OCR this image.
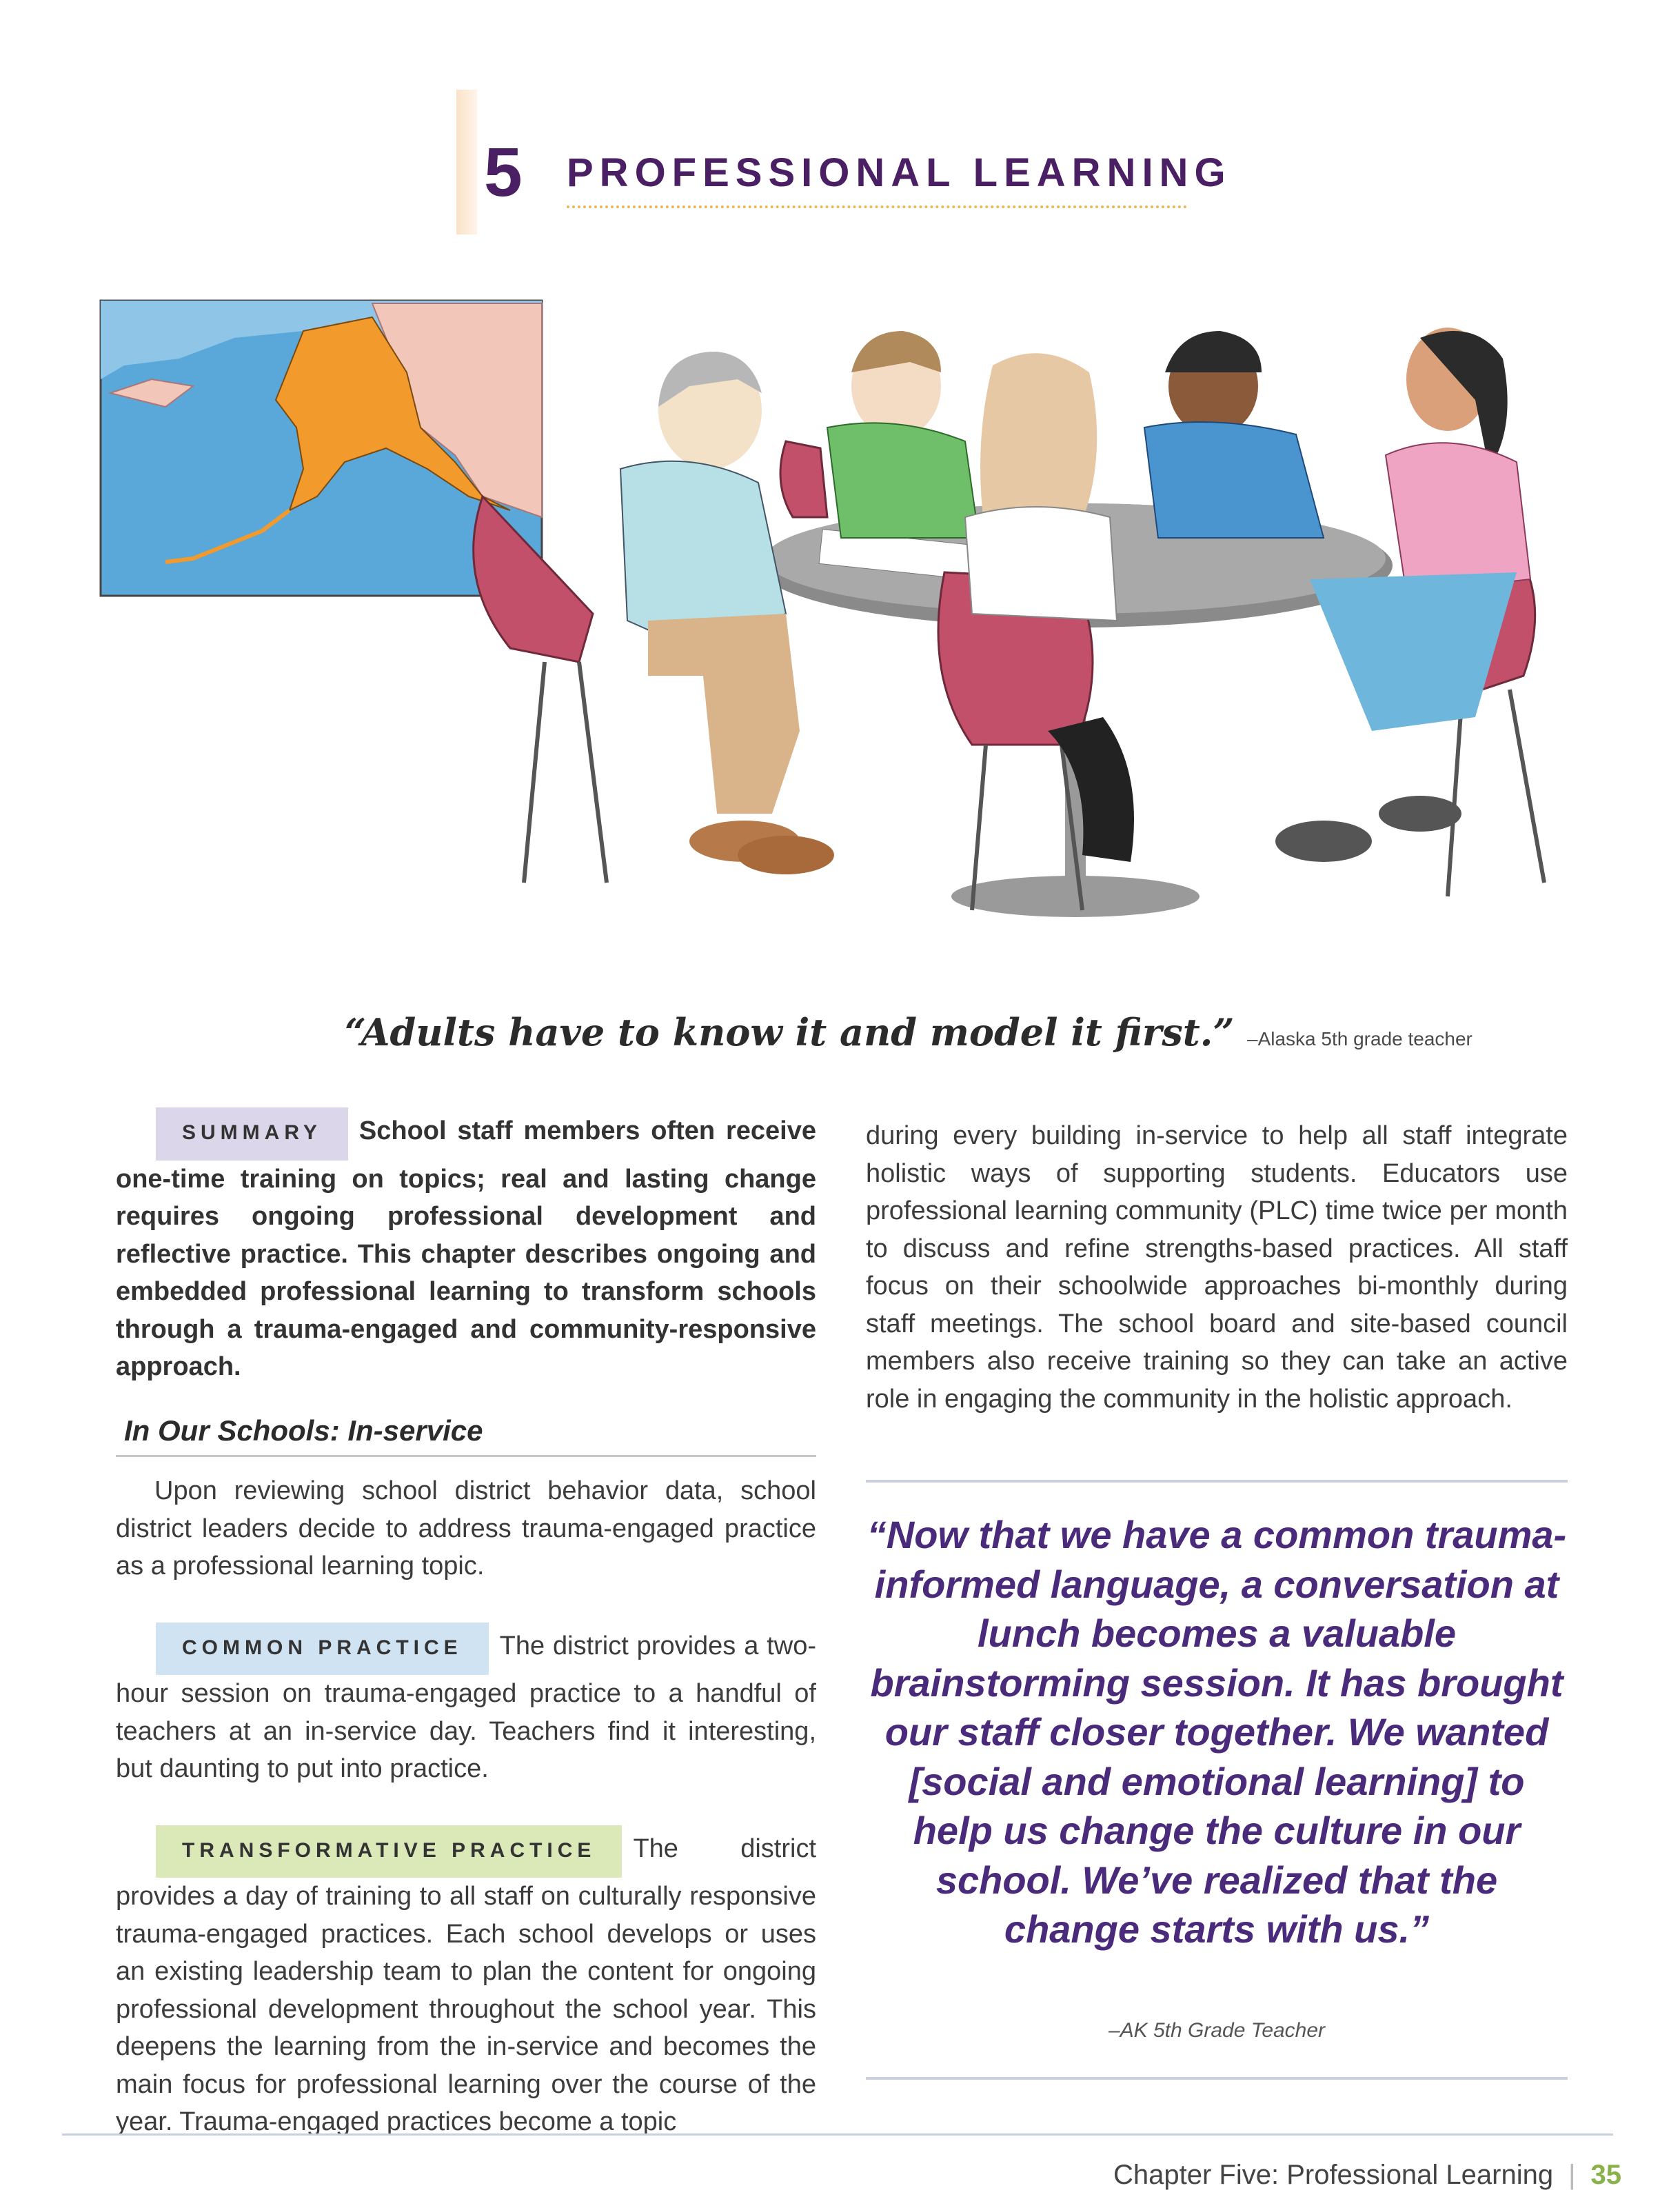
5 PROFESSIONAL LEARNING
“Adults have to know it and model it first.” –Alaska 5th grade teacher

SUMMARY School staff members often receive one-time training on topics; real and lasting change requires ongoing professional development and reflective practice. This chapter describes ongoing and embedded professional learning to transform schools through a trauma-engaged and community-responsive approach.

In Our Schools: In-service

Upon reviewing school district behavior data, school district leaders decide to address trauma-engaged practice as a professional learning topic.

COMMON PRACTICE The district provides a two-hour session on trauma-engaged practice to a handful of teachers at an in-service day. Teachers find it interesting, but daunting to put into practice.

TRANSFORMATIVE PRACTICE The district provides a day of training to all staff on culturally responsive trauma-engaged practices. Each school develops or uses an existing leadership team to plan the content for ongoing professional development throughout the school year. This deepens the learning from the in-service and becomes the main focus for professional learning over the course of the year. Trauma-engaged practices become a topic

during every building in-service to help all staff integrate holistic ways of supporting students. Educators use professional learning community (PLC) time twice per month to discuss and refine strengths-based practices. All staff focus on their schoolwide approaches bi-monthly during staff meetings. The school board and site-based council members also receive training so they can take an active role in engaging the community in the holistic approach.

“Now that we have a common trauma-informed language, a conversation at lunch becomes a valuable brainstorming session. It has brought our staff closer together. We wanted [social and emotional learning] to help us change the culture in our school. We’ve realized that the change starts with us.”
–AK 5th Grade Teacher
Chapter Five: Professional Learning | 35
